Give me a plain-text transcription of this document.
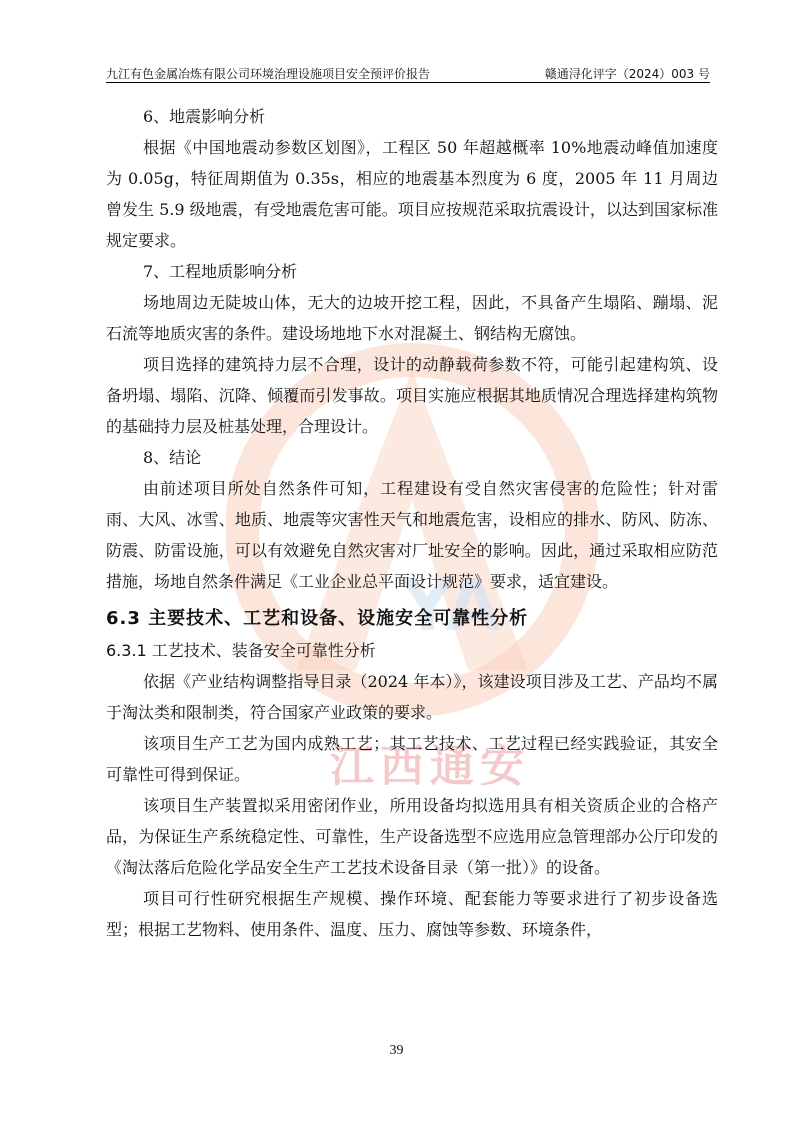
九江有色金属冶炼有限公司环境治理设施项目安全预评价报告	赣通浔化评字（2024）003 号
YA
江西通安

6、地震影响分析

根据《中国地震动参数区划图》，工程区 50 年超越概率 10%地震动峰值加速度为 0.05g，特征周期值为 0.35s，相应的地震基本烈度为 6 度，2005 年 11 月周边曾发生 5.9 级地震，有受地震危害可能。项目应按规范采取抗震设计，以达到国家标准规定要求。

7、工程地质影响分析

场地周边无陡坡山体，无大的边坡开挖工程，因此，不具备产生塌陷、蹦塌、泥石流等地质灾害的条件。建设场地地下水对混凝土、钢结构无腐蚀。

项目选择的建筑持力层不合理，设计的动静载荷参数不符，可能引起建构筑、设备坍塌、塌陷、沉降、倾覆而引发事故。项目实施应根据其地质情况合理选择建构筑物的基础持力层及桩基处理，合理设计。

8、结论

由前述项目所处自然条件可知，工程建设有受自然灾害侵害的危险性；针对雷雨、大风、冰雪、地质、地震等灾害性天气和地震危害，设相应的排水、防风、防冻、防震、防雷设施，可以有效避免自然灾害对厂址安全的影响。因此，通过采取相应防范措施，场地自然条件满足《工业企业总平面设计规范》要求，适宜建设。

6.3 主要技术、工艺和设备、设施安全可靠性分析
6.3.1 工艺技术、装备安全可靠性分析

依据《产业结构调整指导目录（2024 年本）》，该建设项目涉及工艺、产品均不属于淘汰类和限制类，符合国家产业政策的要求。

该项目生产工艺为国内成熟工艺；其工艺技术、工艺过程已经实践验证，其安全可靠性可得到保证。

该项目生产装置拟采用密闭作业，所用设备均拟选用具有相关资质企业的合格产品，为保证生产系统稳定性、可靠性，生产设备选型不应选用应急管理部办公厅印发的《淘汰落后危险化学品安全生产工艺技术设备目录（第一批）》的设备。

项目可行性研究根据生产规模、操作环境、配套能力等要求进行了初步设备选型；根据工艺物料、使用条件、温度、压力、腐蚀等参数、环境条件，

39
